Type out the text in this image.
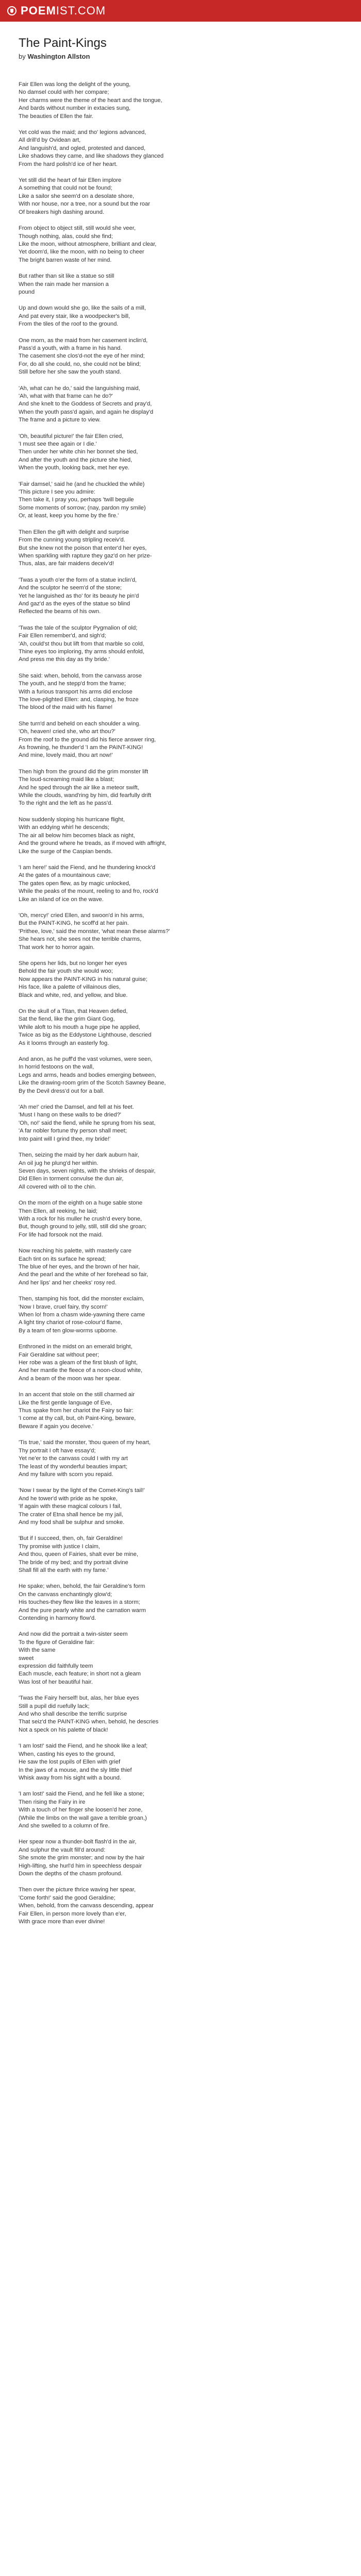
POEMIST.COM
The Paint-Kings
by Washington Allston
Fair Ellen was long the delight of the young,
No damsel could with her compare;
Her charms were the theme of the heart and the tongue,
And bards without number in extacies sung,
The beauties of Ellen the fair.
Yet cold was the maid; and tho' legions advanced,
All drill'd by Ovidean art,
And languish'd, and ogled, protested and danced,
Like shadows they came, and like shadows they glanced
From the hard polish'd ice of her heart.
Yet still did the heart of fair Ellen implore
A something that could not be found;
Like a sailor she seem'd on a desolate shore,
With nor house, nor a tree, nor a sound but the roar
Of breakers high dashing around.
From object to object still, still would she veer,
Though nothing, alas, could she find;
Like the moon, without atmosphere, brilliant and clear,
Yet doom'd, like the moon, with no being to cheer
The bright barren waste of her mind.
But rather than sit like a statue so still
When the rain made her mansion a
pound
Up and down would she go, like the sails of a mill,
And pat every stair, like a woodpecker's bill,
From the tiles of the roof to the ground.
One morn, as the maid from her casement inclin'd,
Pass'd a youth, with a frame in his hand.
The casement she clos'd-not the eye of her mind;
For, do all she could, no, she could not be blind;
Still before her she saw the youth stand.
'Ah, what can he do,' said the languishing maid,
'Ah, what with that frame can he do?'
And she knelt to the Goddess of Secrets and pray'd,
When the youth pass'd again, and again he display'd
The frame and a picture to view.
'Oh, beautiful picture!' the fair Ellen cried,
'I must see thee again or I die.'
Then under her white chin her bonnet she tied,
And after the youth and the picture she hied,
When the youth, looking back, met her eye.
'Fair damsel,' said he (and he chuckled the while)
'This picture I see you admire:
Then take it, I pray you, perhaps 'twill beguile
Some moments of sorrow; (nay, pardon my smile)
Or, at least, keep you home by the fire.'
Then Ellen the gift with delight and surprise
From the cunning young stripling receiv'd.
But she knew not the poison that enter'd her eyes,
When sparkling with rapture they gaz'd on her prize-
Thus, alas, are fair maidens deceiv'd!
'Twas a youth o'er the form of a statue inclin'd,
And the sculptor he seem'd of the stone;
Yet he languished as tho' for its beauty he pin'd
And gaz'd as the eyes of the statue so blind
Reflected the beams of his own.
'Twas the tale of the sculptor Pygmalion of old;
Fair Ellen remember'd, and sigh'd;
'Ah, could'st thou but lift from that marble so cold,
Thine eyes too imploring, thy arms should enfold,
And press me this day as thy bride.'
She said: when, behold, from the canvass arose
The youth, and he stepp'd from the frame;
With a furious transport his arms did enclose
The love-plighted Ellen: and, clasping, he froze
The blood of the maid with his flame!
She turn'd and beheld on each shoulder a wing.
'Oh, heaven! cried she, who art thou?'
From the roof to the ground did his fierce answer ring,
As frowning, he thunder'd 'I am the PAINT-KING!
And mine, lovely maid, thou art now!'
Then high from the ground did the grim monster lift
The loud-screaming maid like a blast;
And he sped through the air like a meteor swift,
While the clouds, wand'ring by him, did fearfully drift
To the right and the left as he pass'd.
Now suddenly sloping his hurricane flight,
With an eddying whirl he descends;
The air all below him becomes black as night,
And the ground where he treads, as if moved with affright,
Like the surge of the Caspian bends.
'I am here!' said the Fiend, and he thundering knock'd
At the gates of a mountainous cave;
The gates open flew, as by magic unlocked,
While the peaks of the mount, reeling to and fro, rock'd
Like an island of ice on the wave.
'Oh, mercy!' cried Ellen, and swoon'd in his arms,
But the PAINT-KING, he scoff'd at her pain.
'Prithee, love,' said the monster, 'what mean these alarms?'
She hears not, she sees not the terrible charms,
That work her to horror again.
She opens her lids, but no longer her eyes
Behold the fair youth she would woo;
Now appears the PAINT-KING in his natural guise;
His face, like a palette of villainous dies,
Black and white, red, and yellow, and blue.
On the skull of a Titan, that Heaven defied,
Sat the fiend, like the grim Giant Gog,
While aloft to his mouth a huge pipe he applied,
Twice as big as the Eddystone Lighthouse, descried
As it looms through an easterly fog.
And anon, as he puff'd the vast volumes, were seen,
In horrid festoons on the wall,
Legs and arms, heads and bodies emerging between,
Like the drawing-room grim of the Scotch Sawney Beane,
By the Devil dress'd out for a ball.
'Ah me!' cried the Damsel, and fell at his feet.
'Must I hang on these walls to be dried?'
'Oh, no!' said the fiend, while he sprung from his seat,
'A far nobler fortune thy person shall meet;
Into paint will I grind thee, my bride!'
Then, seizing the maid by her dark auburn hair,
An oil jug he plung'd her within.
Seven days, seven nights, with the shrieks of despair,
Did Ellen in torment convulse the dun air,
All covered with oil to the chin.
On the morn of the eighth on a huge sable stone
Then Ellen, all reeking, he laid;
With a rock for his muller he crush'd every bone,
But, though ground to jelly, still, still did she groan;
For life had forsook not the maid.
Now reaching his palette, with masterly care
Each tint on its surface he spread;
The blue of her eyes, and the brown of her hair,
And the pearl and the white of her forehead so fair,
And her lips' and her cheeks' rosy red.
Then, stamping his foot, did the monster exclaim,
'Now I brave, cruel fairy, thy scorn!'
When lo! from a chasm wide-yawning there came
A light tiny chariot of rose-colour'd flame,
By a team of ten glow-worms upborne.
Enthroned in the midst on an emerald bright,
Fair Geraldine sat without peer;
Her robe was a gleam of the first blush of light,
And her mantle the fleece of a noon-cloud white,
And a beam of the moon was her spear.
In an accent that stole on the still charmed air
Like the first gentle language of Eve,
Thus spake from her chariot the Fairy so fair:
'I come at thy call, but, oh Paint-King, beware,
Beware if again you deceive.'
'Tis true,' said the monster, 'thou queen of my heart,
Thy portrait I oft have essay'd;
Yet ne'er to the canvass could I with my art
The least of thy wonderful beauties impart;
And my failure with scorn you repaid.
'Now I swear by the light of the Comet-King's tail!'
And he tower'd with pride as he spoke,
'If again with these magical colours I fail,
The crater of Etna shall hence be my jail,
And my food shall be sulphur and smoke.
'But if I succeed, then, oh, fair Geraldine!
Thy promise with justice I claim,
And thou, queen of Fairies, shalt ever be mine,
The bride of my bed; and thy portrait divine
Shall fill all the earth with my fame.'
He spake; when, behold, the fair Geraldine's form
On the canvass enchantingly glow'd;
His touches-they flew like the leaves in a storm;
And the pure pearly white and the carnation warm
Contending in harmony flow'd.
And now did the portrait a twin-sister seem
To the figure of Geraldine fair:
With the same
sweet
expression did faithfully teem
Each muscle, each feature; in short not a gleam
Was lost of her beautiful hair.
'Twas the Fairy herself! but, alas, her blue eyes
Still a pupil did ruefully lack;
And who shall describe the terrific surprise
That seiz'd the PAINT-KING when, behold, he descries
Not a speck on his palette of black!
'I am lost!' said the Fiend, and he shook like a leaf;
When, casting his eyes to the ground,
He saw the lost pupils of Ellen with grief
In the jaws of a mouse, and the sly little thief
Whisk away from his sight with a bound.
'I am lost!' said the Fiend, and he fell like a stone;
Then rising the Fairy in ire
With a touch of her finger she loosen'd her zone,
(While the limbs on the wall gave a terrible groan,)
And she swelled to a column of fire.
Her spear now a thunder-bolt flash'd in the air,
And sulphur the vault fill'd around:
She smote the grim monster; and now by the hair
High-lifting, she hurl'd him in speechless despair
Down the depths of the chasm profound.
Then over the picture thrice waving her spear,
'Come forth!' said the good Geraldine;
When, behold, from the canvass descending, appear
Fair Ellen, in person more lovely than e'er,
With grace more than ever divine!
